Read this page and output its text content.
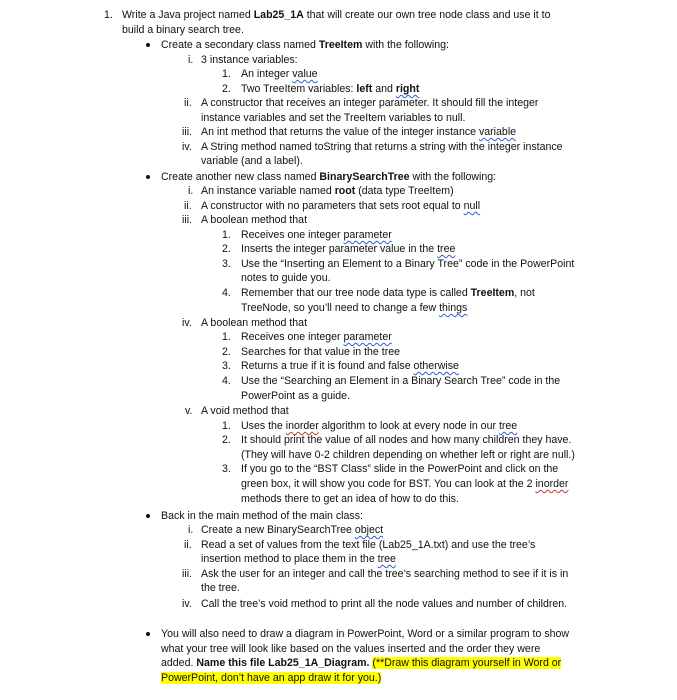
1. Write a Java project named Lab25_1A that will create our own tree node class and use it to
build a binary search tree.
Create a secondary class named TreeItem with the following:
i. 3 instance variables:
1. An integer value
2. Two TreeItem variables: left and right
ii. A constructor that receives an integer parameter. It should fill the integer
instance variables and set the TreeItem variables to null.
iii. An int method that returns the value of the integer instance variable
iv. A String method named toString that returns a string with the integer instance
variable (and a label).
Create another new class named BinarySearchTree with the following:
i. An instance variable named root (data type TreeItem)
ii. A constructor with no parameters that sets root equal to null
iii. A boolean method that
1. Receives one integer parameter
2. Inserts the integer parameter value in the tree
3. Use the “Inserting an Element to a Binary Tree” code in the PowerPoint
notes to guide you.
4. Remember that our tree node data type is called TreeItem, not
TreeNode, so you’ll need to change a few things
iv. A boolean method that
1. Receives one integer parameter
2. Searches for that value in the tree
3. Returns a true if it is found and false otherwise
4. Use the “Searching an Element in a Binary Search Tree” code in the
PowerPoint as a guide.
v. A void method that
1. Uses the inorder algorithm to look at every node in our tree
2. It should print the value of all nodes and how many children they have.
(They will have 0-2 children depending on whether left or right are null.)
3. If you go to the “BST Class” slide in the PowerPoint and click on the
green box, it will show you code for BST. You can look at the 2 inorder
methods there to get an idea of how to do this.
Back in the main method of the main class:
i. Create a new BinarySearchTree object
ii. Read a set of values from the text file (Lab25_1A.txt) and use the tree’s
insertion method to place them in the tree
iii. Ask the user for an integer and call the tree’s searching method to see if it is in
the tree.
iv. Call the tree’s void method to print all the node values and number of children.
You will also need to draw a diagram in PowerPoint, Word or a similar program to show
what your tree will look like based on the values inserted and the order they were
added. Name this file Lab25_1A_Diagram. (**Draw this diagram yourself in Word or
PowerPoint, don’t have an app draw it for you.)
